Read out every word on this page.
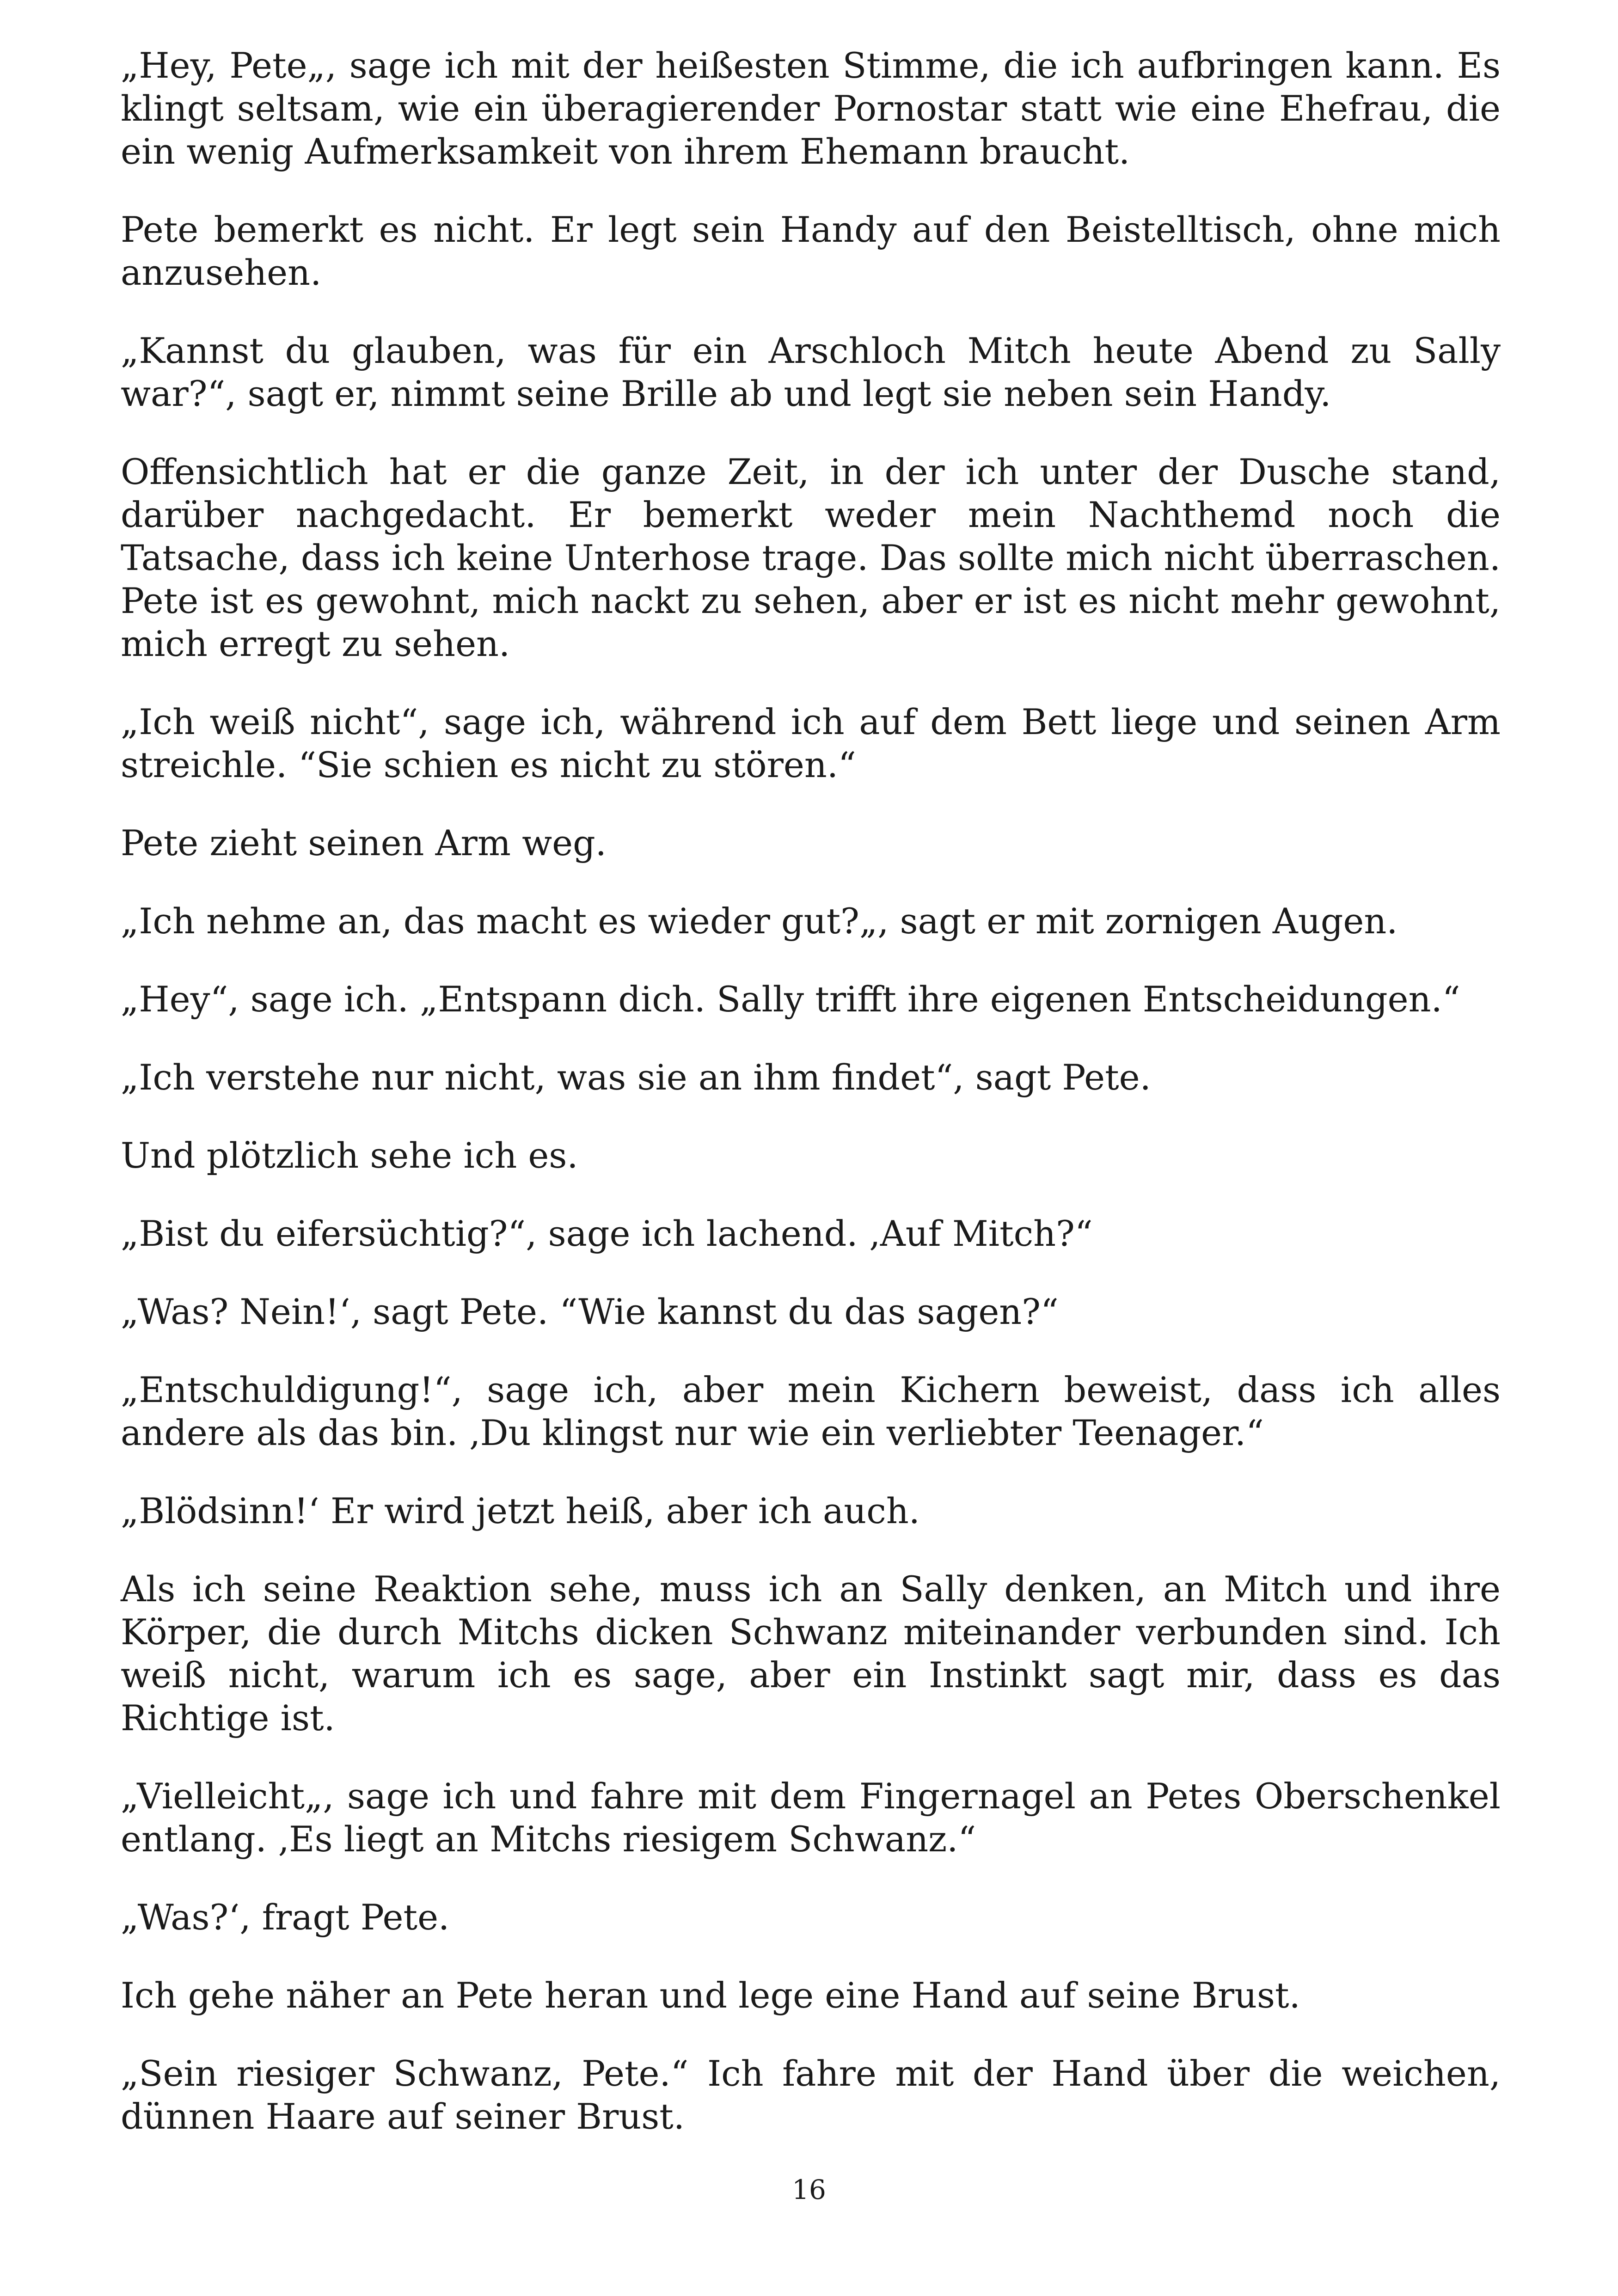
„Hey, Pete„, sage ich mit der heißesten Stimme, die ich aufbringen kann. Es klingt seltsam, wie ein überagierender Pornostar statt wie eine Ehefrau, die ein wenig Aufmerksamkeit von ihrem Ehemann braucht.

Pete bemerkt es nicht. Er legt sein Handy auf den Beistelltisch, ohne mich anzusehen.

„Kannst du glauben, was für ein Arschloch Mitch heute Abend zu Sally war?“, sagt er, nimmt seine Brille ab und legt sie neben sein Handy.

Offensichtlich hat er die ganze Zeit, in der ich unter der Dusche stand, darüber nachgedacht. Er bemerkt weder mein Nachthemd noch die Tatsache, dass ich keine Unterhose trage. Das sollte mich nicht überraschen. Pete ist es gewohnt, mich nackt zu sehen, aber er ist es nicht mehr gewohnt, mich erregt zu sehen.

„Ich weiß nicht“, sage ich, während ich auf dem Bett liege und seinen Arm streichle. “Sie schien es nicht zu stören.“

Pete zieht seinen Arm weg.

„Ich nehme an, das macht es wieder gut?„, sagt er mit zornigen Augen.

„Hey“, sage ich. „Entspann dich. Sally trifft ihre eigenen Entscheidungen.“

„Ich verstehe nur nicht, was sie an ihm findet“, sagt Pete.

Und plötzlich sehe ich es.

„Bist du eifersüchtig?“, sage ich lachend. ‚Auf Mitch?“

„Was? Nein!‘, sagt Pete. “Wie kannst du das sagen?“

„Entschuldigung!“, sage ich, aber mein Kichern beweist, dass ich alles andere als das bin. ‚Du klingst nur wie ein verliebter Teenager.“

„Blödsinn!‘ Er wird jetzt heiß, aber ich auch.

Als ich seine Reaktion sehe, muss ich an Sally denken, an Mitch und ihre Körper, die durch Mitchs dicken Schwanz miteinander verbunden sind. Ich weiß nicht, warum ich es sage, aber ein Instinkt sagt mir, dass es das Richtige ist.

„Vielleicht„, sage ich und fahre mit dem Fingernagel an Petes Oberschenkel entlang. ‚Es liegt an Mitchs riesigem Schwanz.“

„Was?‘, fragt Pete.

Ich gehe näher an Pete heran und lege eine Hand auf seine Brust.

„Sein riesiger Schwanz, Pete.“ Ich fahre mit der Hand über die weichen, dünnen Haare auf seiner Brust.

16
